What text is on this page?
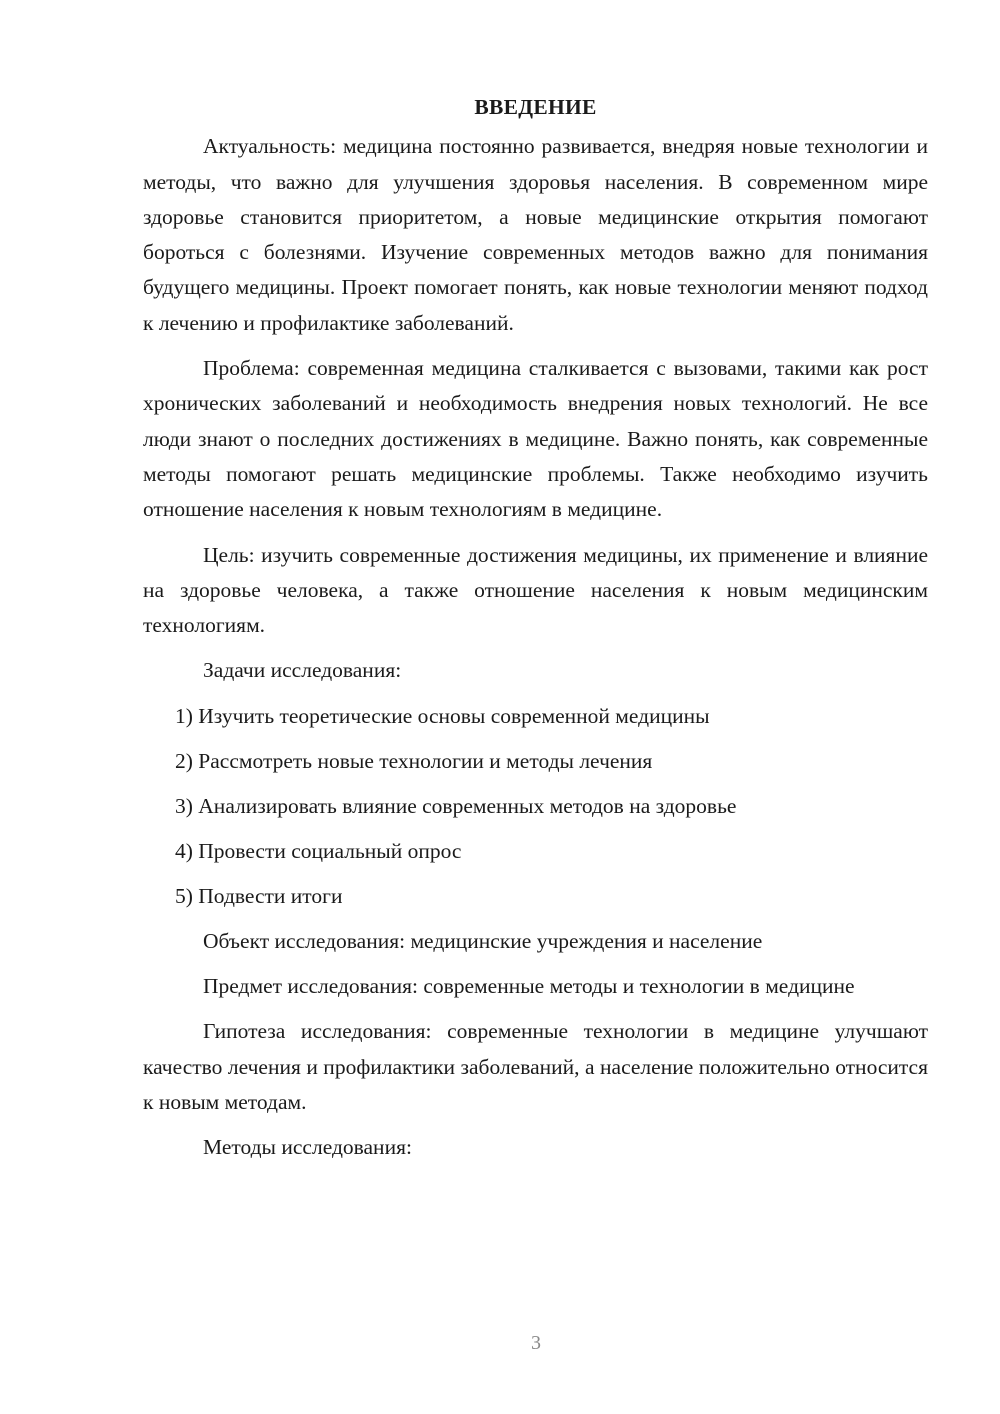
ВВЕДЕНИЕ

Актуальность: медицина постоянно развивается, внедряя новые технологии и методы, что важно для улучшения здоровья населения. В современном мире здоровье становится приоритетом, а новые медицинские открытия помогают бороться с болезнями. Изучение современных методов важно для понимания будущего медицины. Проект помогает понять, как новые технологии меняют подход к лечению и профилактике заболеваний.

Проблема: современная медицина сталкивается с вызовами, такими как рост хронических заболеваний и необходимость внедрения новых технологий. Не все люди знают о последних достижениях в медицине. Важно понять, как современные методы помогают решать медицинские проблемы. Также необходимо изучить отношение населения к новым технологиям в медицине.

Цель: изучить современные достижения медицины, их применение и влияние на здоровье человека, а также отношение населения к новым медицинским технологиям.

Задачи исследования:

1) Изучить теоретические основы современной медицины
2) Рассмотреть новые технологии и методы лечения
3) Анализировать влияние современных методов на здоровье
4) Провести социальный опрос
5) Подвести итоги

Объект исследования: медицинские учреждения и население

Предмет исследования: современные методы и технологии в медицине

Гипотеза исследования: современные технологии в медицине улучшают качество лечения и профилактики заболеваний, а население положительно относится к новым методам.

Методы исследования:

3
